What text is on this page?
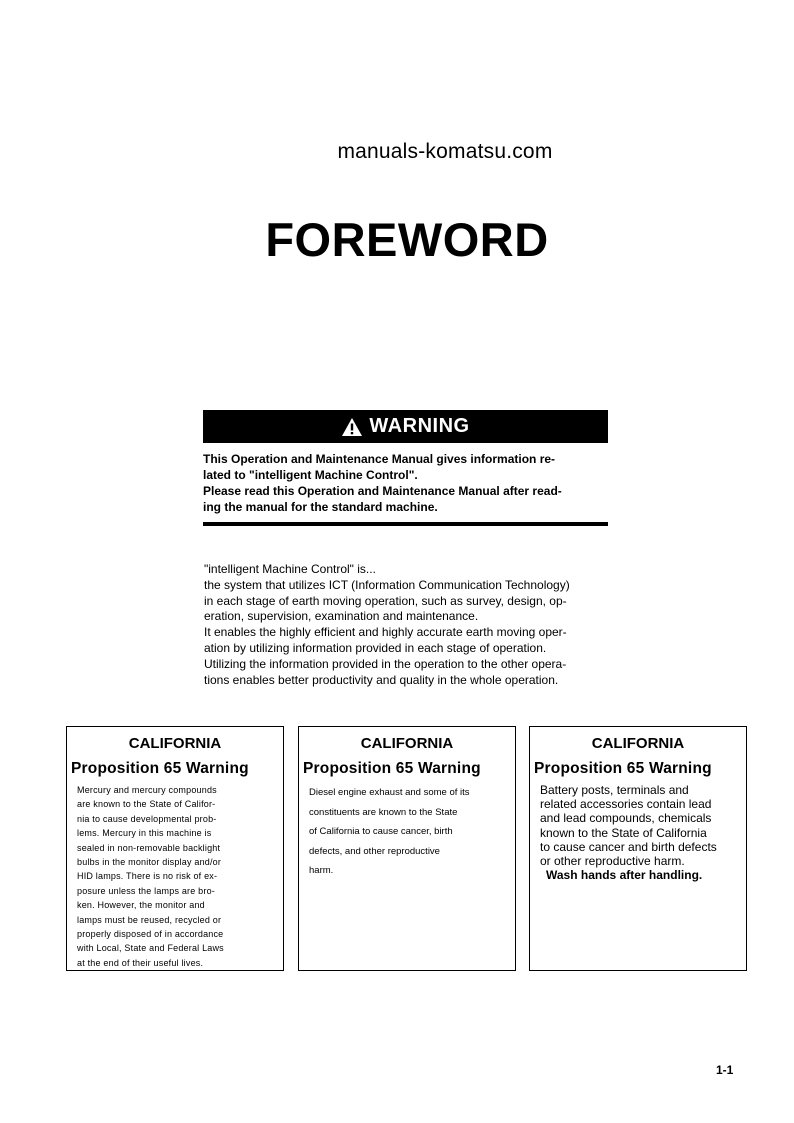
manuals-komatsu.com
FOREWORD
WARNING
This Operation and Maintenance Manual gives information re-
lated to "intelligent Machine Control".
Please read this Operation and Maintenance Manual after read-
ing the manual for the standard machine.
"intelligent Machine Control" is...
the system that utilizes ICT (Information Communication Technology)
in each stage of earth moving operation, such as survey, design, op-
eration, supervision, examination and maintenance.
It enables the highly efficient and highly accurate earth moving oper-
ation by utilizing information provided in each stage of operation.
Utilizing the information provided in the operation to the other opera-
tions enables better productivity and quality in the whole operation.
CALIFORNIA
Proposition 65 Warning
Mercury and mercury compounds
are known to the State of Califor-
nia to cause developmental prob-
lems. Mercury in this machine is
sealed in non-removable backlight
bulbs in the monitor display and/or
HID lamps. There is no risk of ex-
posure unless the lamps are bro-
ken. However, the monitor and
lamps must be reused, recycled or
properly disposed of in accordance
with Local, State and Federal Laws
at the end of their useful lives.
CALIFORNIA
Proposition 65 Warning
Diesel engine exhaust and some of its
constituents are known to the State
of California to cause cancer, birth
defects, and other reproductive
harm.
CALIFORNIA
Proposition 65 Warning
Battery posts, terminals and
related accessories contain lead
and lead compounds, chemicals
known to the State of California
to cause cancer and birth defects
or other reproductive harm.
Wash hands after handling.
1-1
